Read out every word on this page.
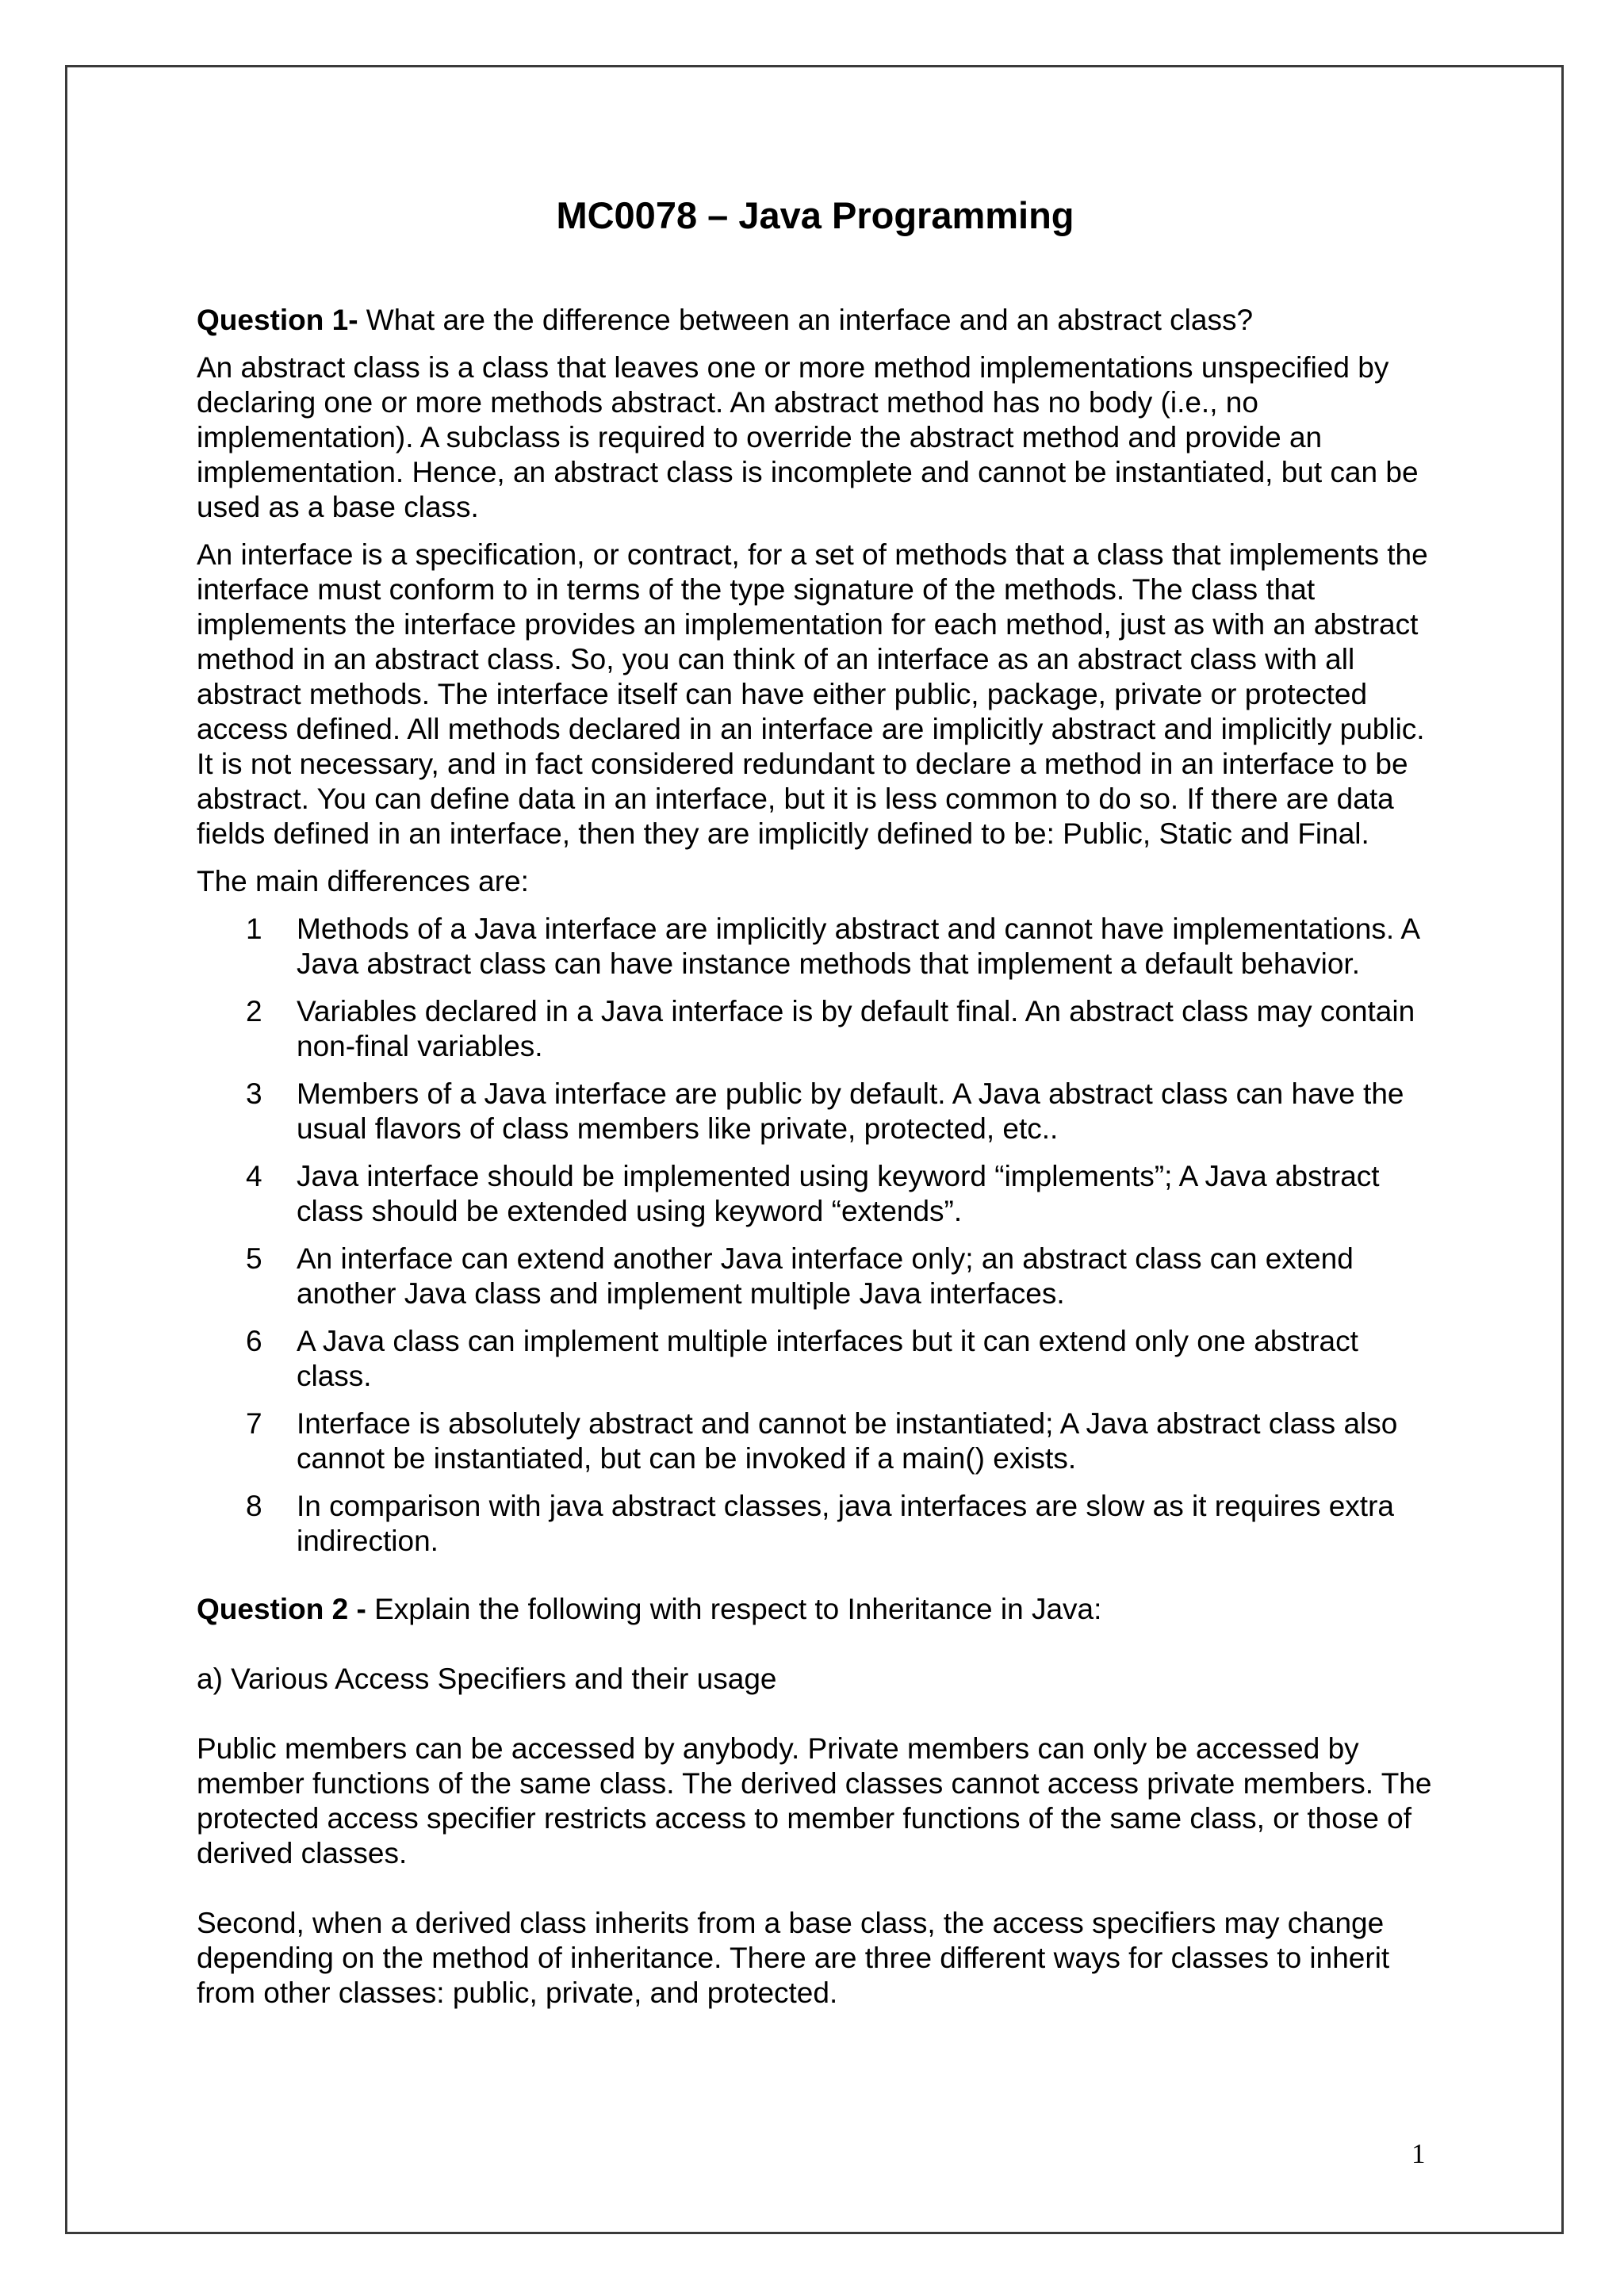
MC0078 – Java Programming
Question 1- What are the difference between an interface and an abstract class?

An abstract class is a class that leaves one or more method implementations unspecified by declaring one or more methods abstract. An abstract method has no body (i.e., no implementation). A subclass is required to override the abstract method and provide an implementation. Hence, an abstract class is incomplete and cannot be instantiated, but can be used as a base class.

An interface is a specification, or contract, for a set of methods that a class that implements the interface must conform to in terms of the type signature of the methods. The class that implements the interface provides an implementation for each method, just as with an abstract method in an abstract class. So, you can think of an interface as an abstract class with all abstract methods. The interface itself can have either public, package, private or protected access defined. All methods declared in an interface are implicitly abstract and implicitly public. It is not necessary, and in fact considered redundant to declare a method in an interface to be abstract. You can define data in an interface, but it is less common to do so. If there are data fields defined in an interface, then they are implicitly defined to be: Public, Static and Final.

The main differences are:

1	Methods of a Java interface are implicitly abstract and cannot have implementations. A Java abstract class can have instance methods that implement a default behavior.
2	Variables declared in a Java interface is by default final. An abstract class may contain non-final variables.
3	Members of a Java interface are public by default. A Java abstract class can have the usual flavors of class members like private, protected, etc..
4	Java interface should be implemented using keyword “implements”; A Java abstract class should be extended using keyword “extends”.
5	An interface can extend another Java interface only; an abstract class can extend another Java class and implement multiple Java interfaces.
6	A Java class can implement multiple interfaces but it can extend only one abstract class.
7	Interface is absolutely abstract and cannot be instantiated; A Java abstract class also cannot be instantiated, but can be invoked if a main() exists.
8	In comparison with java abstract classes, java interfaces are slow as it requires extra indirection.
Question 2 - Explain the following with respect to Inheritance in Java:

a) Various Access Specifiers and their usage

Public members can be accessed by anybody. Private members can only be accessed by member functions of the same class. The derived classes cannot access private members. The protected access specifier restricts access to member functions of the same class, or those of derived classes.

Second, when a derived class inherits from a base class, the access specifiers may change depending on the method of inheritance. There are three different ways for classes to inherit from other classes: public, private, and protected.

1
